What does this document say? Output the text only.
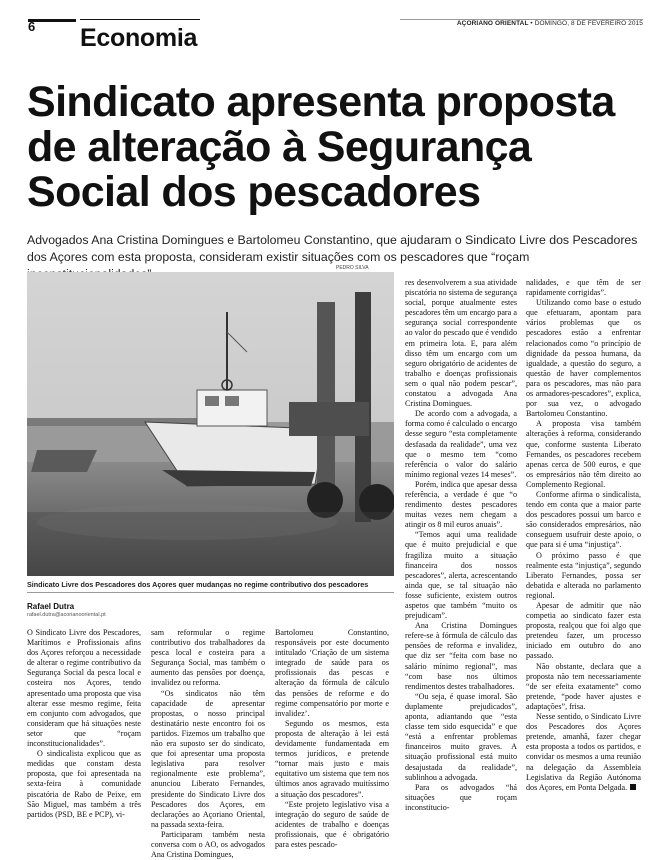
6 Economia
AÇORIANO ORIENTAL • DOMINGO, 8 DE FEVEREIRO 2015
Sindicato apresenta proposta de alteração à Segurança Social dos pescadores

Advogados Ana Cristina Domingues e Bartolomeu Constantino, que ajudaram o Sindicato Livre dos Pescadores dos Açores com esta proposta, consideram existir situações com os pescadores que “roçam

PEDRO SILVA
Sindicato Livre dos Pescadores dos Açores quer mudanças no regime contributivo dos pescadores
Rafael Dutra
rafael.dutra@acorianooriental.pt

O Sindicato Livre dos Pescadores, Marítimos e Profissionais afins dos Açores reforçou a necessidade de alterar o regime contributivo da Segurança Social da pesca local e costeira nos Açores, tendo apresentado uma proposta que visa alterar esse mesmo regime, feita em conjunto com advogados, que consideram que há situações neste setor que “roçam inconstitucionalidades”.

O sindicalista explicou que as medidas que constam desta proposta, que foi apresentada na sexta-feira à comunidade piscatória de Rabo de Peixe, em São Miguel, mas também a três partidos (PSD, BE e PCP), vi-

sam reformular o regime contributivo dos trabalhadores da pesca local e costeira para a Segurança Social, mas também o aumento das pensões por doença, invalidez ou reforma.

“Os sindicatos não têm capacidade de apresentar propostas, o nosso principal destinatário neste encontro foi os partidos. Fizemos um trabalho que não era suposto ser do sindicato, que foi apresentar uma proposta legislativa para resolver regionalmente este problema”, anunciou Liberato Fernandes, presidente do Sindicato Livre dos Pescadores dos Açores, em declarações ao Açoriano Oriental, na passada sexta-feira.

Participaram também nesta conversa com o AO, os advogados Ana Cristina Domingues,

Bartolomeu Constantino, responsáveis por este documento intitulado ‘Criação de um sistema integrado de saúde para os profissionais das pescas e alteração da fórmula de cálculo das pensões de reforme e do regime compensatório por morte e invalidez’.

Segundo os mesmos, esta proposta de alteração à lei está devidamente fundamentada em termos jurídicos, e pretende “tornar mais justo e mais equitativo um sistema que tem nos últimos anos agravado muitíssimo a situação dos pescadores”.

“Este projeto legislativo visa a integração do seguro de saúde de acidentes de trabalho e doenças profissionais, que é obrigatório para estes pescado-

res desenvolverem a sua atividade piscatória no sistema de segurança social, porque atualmente estes pescadores têm um encargo para a segurança social correspondente ao valor do pescado que é vendido em primeira lota. E, para além disso têm um encargo com um seguro obrigatório de acidentes de trabalho e doenças profissionais sem o qual não podem pescar”, constatou a advogada Ana Cristina Domingues.

De acordo com a advogada, a forma como é calculado o encargo desse seguro “esta completamente desfasada da realidade”, uma vez que o mesmo tem “como referência o valor do salário mínimo regional vezes 14 meses”.

Porém, indica que apesar dessa referência, a verdade é que “o rendimento destes pescadores muitas vezes nem chegam a atingir os 8 mil euros anuais”.

“Temos aqui uma realidade que é muito prejudicial e que fragiliza muito a situação financeira dos nossos pescadores”, alerta, acrescentando ainda que, se tal situação não fosse suficiente, existem outros aspetos que também “muito os prejudicam”.

Ana Cristina Domingues refere-se à fórmula de cálculo das pensões de reforma e invalidez, que diz ser “feita com base no salário mínimo regional”, mas “com base nos últimos rendimentos destes trabalhadores.

“Ou seja, é quase imoral. São duplamente prejudicados”, aponta, adiantando que “esta classe tem sido esquecida” e que “está a enfrentar problemas financeiros muito graves. A situação profissional está muito desajustada da realidade”, sublinhou a advogada.

Para os advogados “há situações que roçam inconstitucio-

nalidades, e que têm de ser rapidamente corrigidas”.

Utilizando como base o estudo que efetuaram, apontam para vários problemas que os pescadores estão a enfrentar relacionados como “o princípio de dignidade da pessoa humana, da igualdade, a questão do seguro, a questão de haver complementos para os pescadores, mas não para os armadores-pescadores”, explica, por sua vez, o advogado Bartolomeu Constantino.

A proposta visa também alterações à reforma, considerando que, conforme sustenta Liberato Fernandes, os pescadores recebem apenas cerca de 500 euros, e que os empresários não têm direito ao Complemento Regional.

Conforme afirma o sindicalista, tendo em conta que a maior parte dos pescadores possui um barco e são considerados empresários, não conseguem usufruir deste apoio, o que para si é uma “injustiça”.

O próximo passo é que realmente esta “injustiça”, segundo Liberato Fernandes, possa ser debatida e alterada no parlamento regional.

Apesar de admitir que não competia ao sindicato fazer esta proposta, realçou que foi algo que pretendeu fazer, um processo iniciado em outubro do ano passado.

Não obstante, declara que a proposta não tem necessariamente “de ser efeita exatamente” como pretende, “pode haver ajustes e adaptações”, frisa.

Nesse sentido, o Sindicato Livre dos Pescadores dos Açores pretende, amanhã, fazer chegar esta proposta a todos os partidos, e convidar os mesmos a uma reunião na delegação da Assembleia Legislativa da Região Autónoma dos Açores, em Ponta Delgada.
